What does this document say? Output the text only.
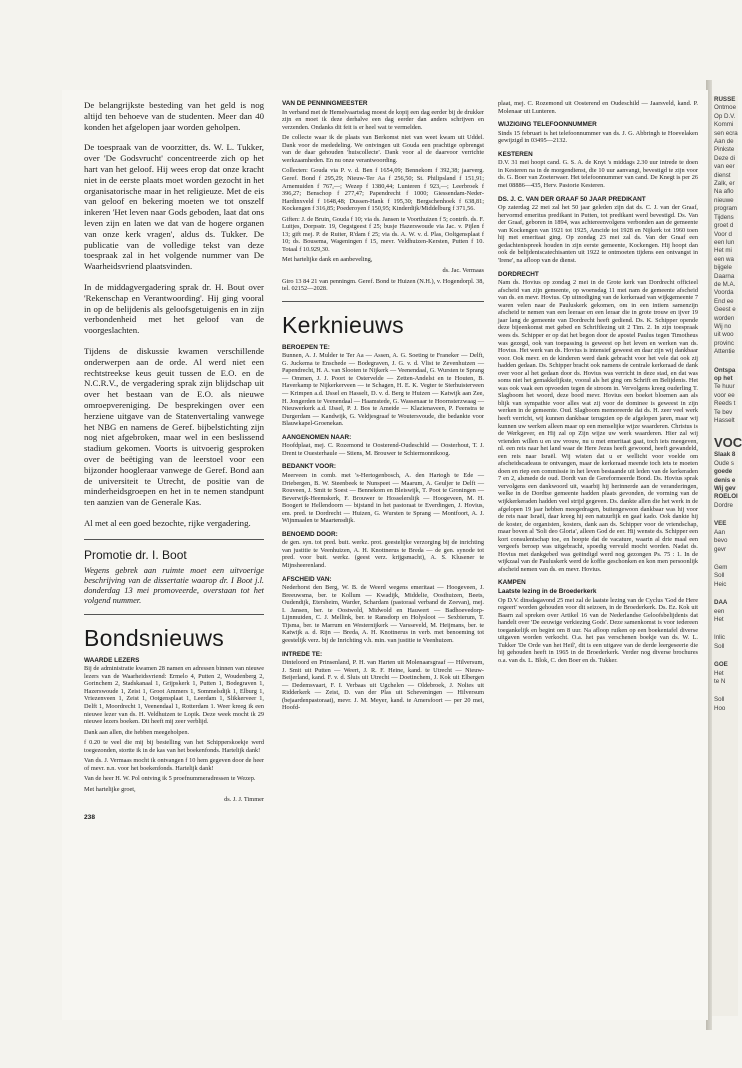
De belangrijkste besteding van het geld is nog altijd ten behoeve van de studenten. Meer dan 40 konden het afgelopen jaar worden geholpen.

De toespraak van de voorzitter, ds. W. L. Tukker, over 'De Godsvrucht' concentreerde zich op het hart van het geloof. Hij wees erop dat onze kracht niet in de eerste plaats moet worden gezocht in het organisatorische maar in het religieuze. Met de eis van geloof en bekering moeten we tot onszelf inkeren 'Het leven naar Gods geboden, laat dat ons leven zijn en laten we dat van de hogere organen van onze kerk vragen', aldus ds. Tukker. De publicatie van de volledige tekst van deze toespraak zal in het volgende nummer van De Waarheidsvriend plaatsvinden.

In de middagvergadering sprak dr. H. Bout over 'Rekenschap en Verantwoording'. Hij ging vooral in op de belijdenis als geloofsgetuigenis en in zijn verbondenheid met het geloof van de voorgeslachten.

Tijdens de diskussie kwamen verschillende onderwerpen aan de orde. Al werd niet een rechtstreekse keus geuit tussen de E.O. en de N.C.R.V., de vergadering sprak zijn blijdschap uit over het bestaan van de E.O. als nieuwe omroepvereniging. De besprekingen over een herziene uitgave van de Statenvertaling vanwege het NBG en namens de Geref. bijbelstichting zijn nog niet afgebroken, maar wel in een beslissend stadium gekomen. Voorts is uitvoerig gesproken over de beëtiging van de leerstoel voor een bijzonder hoogleraar vanwege de Geref. Bond aan de universiteit te Utrecht, de positie van de minderheidsgroepen en het in te nemen standpunt ten aanzien van de Generale Kas.

Al met al een goed bezochte, rijke vergadering.

Promotie dr. I. Boot
Wegens gebrek aan ruimte moet een uitvoerige beschrijving van de dissertatie waarop dr. I Boot j.l. donderdag 13 mei promoveerde, overstaan tot het volgend nummer.
Bondsnieuws
WAARDE LEZERS

Bij de administratie kwamen 28 namen en adressen binnen van nieuwe lezers van de Waarheidsvriend: Ermelo 4, Putten 2, Woudenberg 2, Gorinchem 2, Stadskanaal 1, Grijpskerk 1, Putten 1, Bodegraven 1, Hazerswoude 1, Zeist 1, Groot Ammers 1, Sommelsdijk 1, Elburg 1, Vriezenveen 1, Zeist 1, Ootgensplaat 1, Leerdam 1, Slikkerveer 1, Delft 1, Moordrecht 1, Veenendaal 1, Rotterdam 1. Weer kreeg ik een nieuwe lezer van ds. H. Veldhuizen te Lopik. Deze week mocht ik 29 nieuwe lezers boeken. Dit heeft mij zeer verblijd.

Dank aan allen, die hebben meegeholpen.

f 0.20 te veel die mij bij bestelling van het Schipperskoekje werd toegezonden, stortte ik in de kas van het boekenfonds. Hartelijk dank!

Van ds. J. Vermaas mocht ik ontvangen f 10 hem gegeven door de heer of mevr. n.n. voor het boekenfonds. Hartelijk dank!

Van de heer H. W. Pol ontving ik 5 proefnummeradressen te Wezep.

Met hartelijke groet,

ds. J. J. Timmer

238
VAN DE PENNINGMEESTER

In verband met de Hemelvaartsdag moest de kopij een dag eerder bij de drukker zijn en moet ik deze derhalve een dag eerder dan anders schrijven en verzenden. Ondanks dit feit is er heel wat te vermelden.

De collecte waar ik de plaats van Berkomst niet van weet kwam uit Uddel. Dank voor de mededeling. We ontvingen uit Gouda een prachtige opbrengst van de daar gehouden 'huiscollecte'. Dank voor al de daarvoor verrichte werkzaamheden. En nu onze verantwoording.

Collecten: Gouda via P. v. d. Ben f 1654,09; Bennekom f 392,38; jaarverg. Geref. Bond f 295,29; Nieuw-Ter Aa f 256,50; St. Philipsland f 151,91; Arnemuiden f 767,—; Wezep f 1380,44; Lunteren f 923,—; Leerbroek f 396,27; Benschop f 277,47; Papendrecht f 1000; Giessendam-Neder-Hardinxveld f 1648,48; Dussen-Hank f 195,30; Bergschenhoek f 638,81; Kockengen f 316,85; Poederoyen f 150,95; Kinderdijk/Middelburg f 371,56.

Giften: J. de Bruin, Gouda f 10; via ds. Jansen te Voorthuizen f 5; contrib. ds. F. Luitjes, Dorpsstr. 19, Oegstgeest f 25; busje Hazerswoude via Jac. v. Pijlen f 13; gift mej. P. de Ruiter, R'dam f 25; via ds. A. W. v. d. Plas, Ooltgensplaat f 10; ds. Bousema, Wageningen f 15, mevr. Veldhuizen-Kersten, Putten f 10. Totaal f 10.929,30.

Met hartelijke dank en aanbeveling,

ds. Jac. Vermaas

Giro 13 84 21 van penningm. Geref. Bond te Huizen (N.H.), v. Hogendorpl. 38, tel. 02152—2028.

Kerknieuws
BEROEPEN TE:

Bunnen, A. J. Mulder te Ter Aa — Assen, A. G. Soeting te Franeker — Delft, G. Juckema te Enschede — Bodegraven, J. G. v. d. Vlist te Zevenhuizen — Papendrecht, H. A. van Slooten te Nijkerk — Veenendaal, G. Wursten te Sprang — Ommen, J. J. Poort te Ostervelde — Zetten-Andelst en te Houten, B. Haverkamp te Nijkerkerveen — te Schagen, H. E. K. Vegter te Sterhuisterveen — Krimpen a.d. IJssel en Hasselt, D. v. d. Berg te Huizen — Katwijk aan Zee, H. Jongerden te Veenendaal — Haamstede, G. Wassenaar te Hoornsterzwaag — Nieuwerkerk a.d. IJssel, P. J. Bos te Ameide — Klazienaveen, P. Feenstra te Durgerdam — Kandwijk, G. Veldjesgraaf te Woutersvoude, die bedankte voor Blauwkapel-Groenekan.

AANGENOMEN NAAR:

Hoofdplaat, mej. C. Rozemond te Oosterend-Oudeschild — Oosterhout, T. J. Drent te Ouesterhaule — Stiens, M. Brouwer te Schiermonnikoog.

BEDANKT VOOR:

Meerveen in comb. met 's-Hertogenbosch, A. den Hartogh te Ede — Driebergen, B. W. Steenbeek te Nunspeet — Maarum, A. Geuljer te Delft — Rouveen, J. Smit te Soest — Bennekom en Bleiswijk, T. Poot te Groningen — Beverwijk-Heemskerk, F. Brouwer te Hosselerslijk — Hoogeveen, M. H. Boogert te Hellendoorn — bijstand in het pastoraat te Everdingen, J. Hovius, em. pred. te Dordrecht — Huizen, G. Wursten te Sprang — Montfoort, A. J. Wijnmaalen te Maartensdijk.

BENOEMD DOOR:

de gen. syn. tot pred. buit. werkz. prot. geestelijke verzorging bij de inrichting van justitie te Veenhuizen, A. H. Knottnerus te Breda — de gen. synode tot pred. voor buit. werkz. (geest verz. krijgsmacht), A. S. Klusener te Mijnsheerenland.

AFSCHEID VAN:

Nederhorst den Berg, W. B. de Weerd wegens emeritaat — Hoogeveen, J. Breeuwsma, ber. te Kollum — Kwadijk, Middelie, Oosthuizen, Beets, Oudendijk, Etersheim, Warder, Schardam (pastoraal verband de Zeevan), mej. I. Jansen, ber. te Oostwold, Midwold en Hauwert — Badhoevedorp-Lijnmuiden, C. J. Mellink, ber. te Ransdorp en Holysloot — Sexbierum, T. Tijsma, ber. te Marrum en Westernijkerk — Varsseveld, M. Heijmans, ber. te Katwijk a. d. Rijn — Breda, A. H. Knottnerus in verb. met benoeming tot geestelijk verz. bij de Inrichting v.h. min. van justitie te Veenhuizen.

INTREDE TE:

Dinteloord en Prinsenland, P. H. van Harten uit Molenaarsgraaf — Hilversum, J. Smit uit Putten — Weert, J. R. F. Heine, kand. te Utrecht — Nieuw-Beijerland, kand. F. v. d. Sluis uit Utrecht — Doetinchem, J. Kok uit Elbergen — Dedemsvaart, F. I. Verbaas uit Ugchelen — Oldebroek, J. Noltes uit Ridderkerk — Zeist, D. van der Plas uit Scheveningen — Hilversum (bejaardenpastoraat), mevr. J. M. Meyer, kand. te Amersfoort — per 20 mei, Hoofd-

plaat, mej. C. Rozemond uit Oosterend en Oudeschild — Jaarsveld, kand. P. Molenaar uit Lunteren.

WIJZIGING TELEFOONNUMMER

Sinds 15 februari is het telefoonnummer van ds. J. G. Abbringh te Hoevelaken gewijzigd in 03495—2132.

KESTEREN

D.V. 31 mei hoopt cand. G. S. A. de Knyt 's middags 2.30 uur intrede te doen in Kesteren na in de morgendienst, die 10 uur aanvangt, bevestigd te zijn voor ds. G. Boer van Zoeterwaer. Het telefoonnummer van cand. De Knegt is per 26 mei 08886—435, Herv. Pastorie Kesteren.

DS. J. C. VAN DER GRAAF 50 JAAR PREDIKANT

Op zaterdag 22 mei zal het 50 jaar geleden zijn dat ds. C. J. van der Graaf, hervormd emeritus predikant in Putten, tot predikant werd bevestigd. Ds. Van der Graaf, geboren in 1894, was achtereenvolgens verbonden aan de gemeente van Kockengen van 1921 tot 1925, Amcide tot 1928 en Nijkerk tot 1960 toen hij met emeritaat ging. Op zondag 23 mei zal ds. Van der Graaf een gedachtenispreek houden in zijn eerste gemeente, Kockengen. Hij hoopt dan ook de belijdeniscatechisanten uit 1922 te ontmoeten tijdens een ontvangst in 'Irene', na afloop van de dienst.

DORDRECHT

Nam ds. Hovius op zondag 2 mei in de Grote kerk van Dordrecht officieel afscheid van zijn gemeente, op woensdag 11 mei nam de gemeente afscheid van ds. en mevr. Hovius. Op uitnodiging van de kerkeraad van wijkgemeente 7 waren velen naar de Pauluskerk gekomen, om in een intiem samenzijn afscheid te nemen van een leeraar en een leraar die in grote trouw en ijver 19 jaar lang de gemeente van Dordrecht heeft gediend. Ds. K. Schipper opende deze bijeenkomst met gebed en Schriftlezing uit 2 Tim. 2. In zijn toespraak wees ds. Schipper er op dat het begon door de apostel Paulus tegen Timotheus was gezegd, ook van toepassing is geweest op het leven en werken van ds. Hovius. Het werk van ds. Hovius is intensief geweest en daar zijn wij dankbaar voor. Ook mevr. en de kinderen werd dank gebracht voor het vele dat ook zij hadden gedaan. Ds. Schipper bracht ook namens de centrale kerkeraad de dank over voor al het gedaan door ds. Hovius was verricht in deze stad, en dat was soms niet het gemakkelijkste, vooral als het ging om Schrift en Belijdenis. Het was ook vaak een opvoeden tegen de stroom in. Vervolgens kreeg ouderling T. Slagboom het woord, deze bood mevr. Hovius een boeket bloemen aan als blijk van sympathie voor alles wat zij voor de dominee is geweest in zijn werken in de gemeente. Oud. Slagboom memoreerde dat ds. H. zeer veel werk heeft verricht, wij kunnen dankbaar terugzien op de afgelopen jaren, maar wij kunnen uw werken alleen maar op een menselijke wijze waarderen. Christus is de Werkgever, en Hij zal op Zijn wijze uw werk waarderen. Hier zal wij vrienden willen u en uw vrouw, nu u met emeritaat gaat, toch iets meegeven, nl. een reis naar het land waar de Here Jezus heeft gewoond, heeft gewandeld, een reis naar Israël. Wij wisten dat u er wellicht voor voelde om afscheidscadeaus te ontvangen, maar de kerkeraad meende toch iets te moeten doen en riep een commissie in het leven bestaande uit leden van de kerkeraden 7 en 2, alsmede de oud. Dordt van de Gereformeerde Bond. Ds. Hovius sprak vervolgens een dankwoord uit, waarbij hij herinnerde aan de veranderingen, welke in de Dordtse gemeente hadden plaats gevonden, de vorming van de wijkkerkeraden hadden veel strijd gegeven. Ds. dankte allen die het werk in de afgelopen 19 jaar hebben meegedragen, buitengewoon dankbaar was hij voor de reis naar Israël, daar kreeg hij een natuurlijk en gaaf kado. Ook dankte hij de koster, de organisten, kosters, dank aan ds. Schipper voor de vriendschap, maar boven al 'Soli deo Gloria', alleen God de eer. Hij wenste ds. Schipper een kort consulentschap toe, en hoopte dat de vacature, waarin al drie maal een vergeefs beroep was uitgebracht, spoedig vervuld mocht worden. Nadat ds. Hovius met dankgebed was geëindigd werd nog gezongen Ps. 75 : 1. In de wijkzaal van de Pauluskerk werd de koffie geschonken en kon men persoonlijk afscheid nemen van ds. en mevr. Hovius.

KAMPEN
Laatste lezing in de Broederkerk

Op D.V. dinsdagavond 25 mei zal de laatste lezing van de Cyclus 'God de Here regeert' worden gehouden voor dit seizoen, in de Broederkerk. Ds. Ez. Kok uit Baarn zal spreken over Artikel 16 van de Nederlandse Geloofsbelijdenis dat handelt over 'De eeuwige verkiezing Gods'. Deze samenkomst is voor iedereen toegankelijk en begint om 8 uur. Na afloop ruiken op een boekentafel diverse uitgaven worden verkocht. O.a. het pas verschenen boekje van ds. W. L. Tukker 'De Orde van het Heil', dit is een uitgave van de derde leergeseerie die hij gehouden heeft in 1965 in de Broederkerk. Verder nog diverse brochures o.a. van ds. L. Blok, C. den Boer en ds. Tukker.

RUSSE
Ontmoe
Op D.V.
Kommi
sen ecra
Aan de
Pinkste
Deze di
van eer
dienst
Zalk, er
Na aflo
nieuwe
program
Tijdens
groet d
Voor d
een lun
Het mi
een wa
bijgele
Daarna
de M.A.
Voorda
End ee
Geest e
worden
Wij no
uit woo
provinc
Attentie
Ontspa
op het
Te huur
voor ee
Reeds t
Te bev
Hasselt
VOC
Slaak 8
Oude s
goede
denis e
Wij gev
ROELOI
Dordre
VEE
Aan
bevo
gevr
Gem
Soll
Heic
DAA
een
Het
Inlic
Soll
GOE
Het
te N
Soll
Hoo
